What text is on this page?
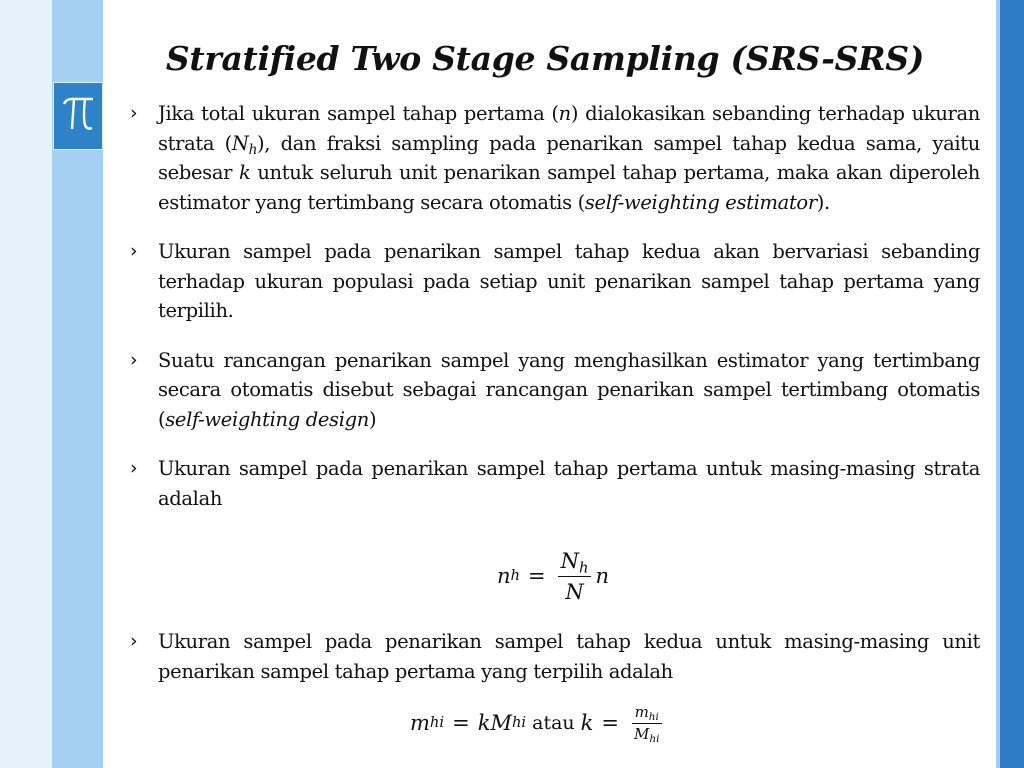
Stratified Two Stage Sampling (SRS-SRS)
› Jika total ukuran sampel tahap pertama (n) dialokasikan sebanding terhadap ukuran strata $(N_h)$, dan fraksi sampling pada penarikan sampel tahap kedua sama, yaitu sebesar k untuk seluruh unit penarikan sampel tahap pertama, maka akan diperoleh estimator yang tertimbang secara otomatis (self-weighting estimator).

› Ukuran sampel pada penarikan sampel tahap kedua akan bervariasi sebanding terhadap ukuran populasi pada setiap unit penarikan sampel tahap pertama yang terpilih.

› Suatu rancangan penarikan sampel yang menghasilkan estimator yang tertimbang secara otomatis disebut sebagai rancangan penarikan sampel tertimbang otomatis (self-weighting design)

› Ukuran sampel pada penarikan sampel tahap pertama untuk masing-masing strata adalah

› Ukuran sampel pada penarikan sampel tahap kedua untuk masing-masing unit penarikan sampel tahap pertama yang terpilih adalah

n $h = \frac{N_h}{N}$ n
m hi = k M hi atau $k = \frac{m_{hi}}{M_{hi}}$
